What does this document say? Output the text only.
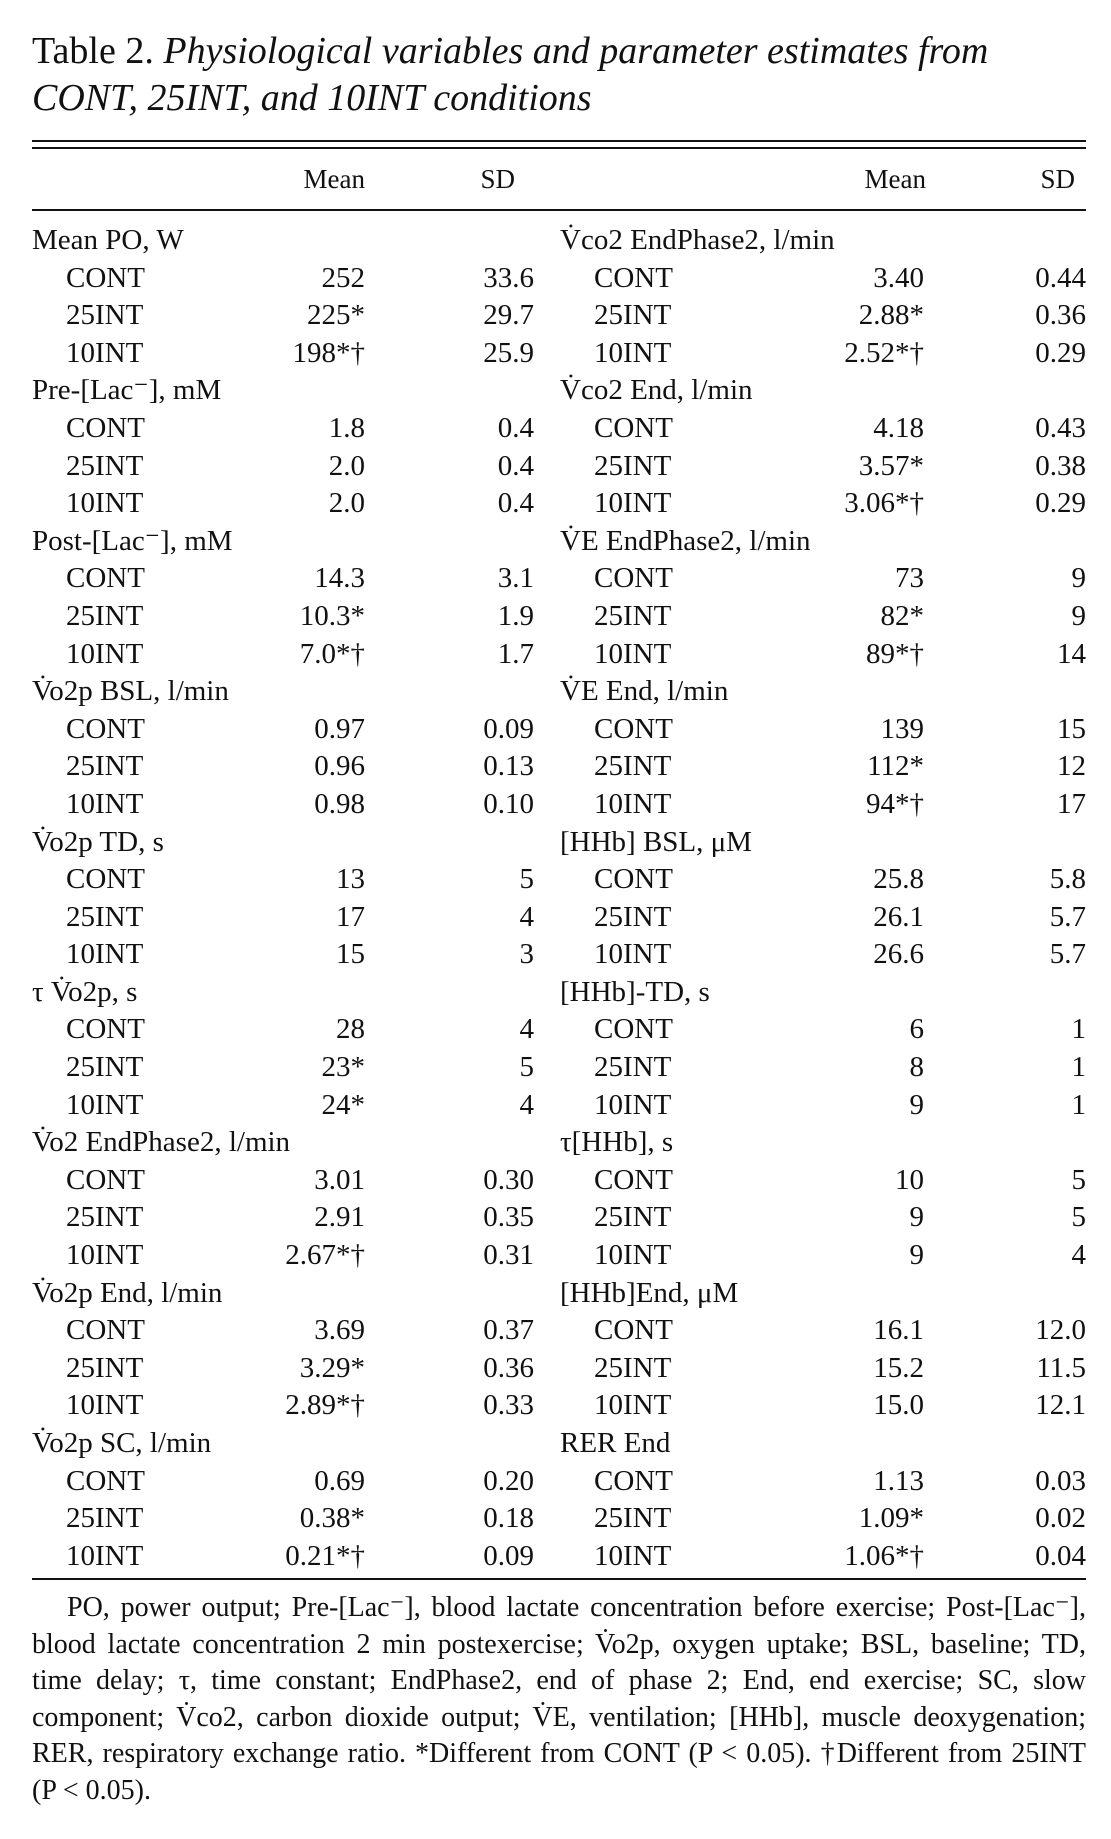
Table 2. Physiological variables and parameter estimates from CONT, 25INT, and 10INT conditions
Mean	SD	Mean	SD
Mean PO, W	V̇co2 EndPhase2, l/min
CONT	252	33.6 CONT	3.40	0.44
25INT	225*	29.7 25INT	2.88*	0.36
10INT	198*†	25.9 10INT	2.52*†	0.29
Pre-[Lac⁻], mM	V̇co2 End, l/min
CONT	1.8	0.4 CONT	4.18	0.43
25INT	2.0	0.4 25INT	3.57*	0.38
10INT	2.0	0.4 10INT	3.06*†	0.29
Post-[Lac⁻], mM	V̇E EndPhase2, l/min
CONT	14.3	3.1 CONT	73	9
25INT	10.3*	1.9 25INT	82*	9
10INT	7.0*†	1.7 10INT	89*†	14
V̇o2p BSL, l/min	V̇E End, l/min
CONT	0.97	0.09 CONT	139	15
25INT	0.96	0.13 25INT	112*	12
10INT	0.98	0.10 10INT	94*†	17
V̇o2p TD, s	[HHb] BSL, μM
CONT	13	5 CONT	25.8	5.8
25INT	17	4 25INT	26.1	5.7
10INT	15	3 10INT	26.6	5.7
τ V̇o2p, s	[HHb]-TD, s
CONT	28	4 CONT	6	1
25INT	23*	5 25INT	8	1
10INT	24*	4 10INT	9	1
V̇o2 EndPhase2, l/min	τ[HHb], s
CONT	3.01	0.30 CONT	10	5
25INT	2.91	0.35 25INT	9	5
10INT	2.67*†	0.31 10INT	9	4
V̇o2p End, l/min	[HHb]End, μM
CONT	3.69	0.37 CONT	16.1	12.0
25INT	3.29*	0.36 25INT	15.2	11.5
10INT	2.89*†	0.33 10INT	15.0	12.1
V̇o2p SC, l/min	RER End
CONT	0.69	0.20 CONT	1.13	0.03
25INT	0.38*	0.18 25INT	1.09*	0.02
10INT	0.21*†	0.09 10INT	1.06*†	0.04
PO, power output; Pre-[Lac⁻], blood lactate concentration before exercise; Post-[Lac⁻], blood lactate concentration 2 min postexercise; V̇o2p, oxygen uptake; BSL, baseline; TD, time delay; τ, time constant; EndPhase2, end of phase 2; End, end exercise; SC, slow component; V̇co2, carbon dioxide output; V̇E, ventilation; [HHb], muscle deoxygenation; RER, respiratory exchange ratio. *Different from CONT (P < 0.05). †Different from 25INT (P < 0.05).
